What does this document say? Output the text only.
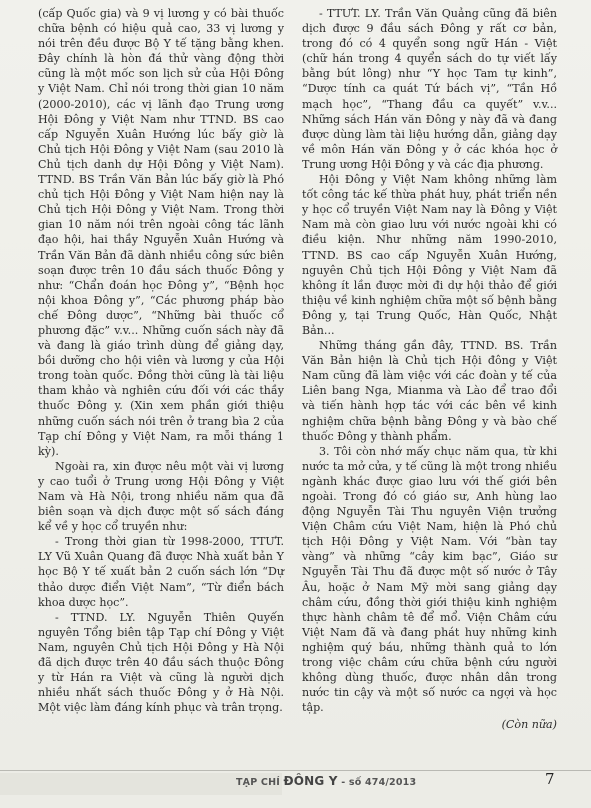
(cấp Quốc gia) và 9 vị lương y có bài thuốc chữa bệnh có hiệu quả cao, 33 vị lương y nói trên đều được Bộ Y tế tặng bằng khen. Đây chính là hòn đá thử vàng động thời cũng là một mốc son lịch sử của Hội Đông y Việt Nam. Chỉ nói trong thời gian 10 năm (2000-2010), các vị lãnh đạo Trung ương Hội Đông y Việt Nam như TTND. BS cao cấp Nguyễn Xuân Hướng lúc bấy giờ là Chủ tịch Hội Đông y Việt Nam (sau 2010 là Chủ tịch danh dự Hội Đông y Việt Nam). TTND. BS Trần Văn Bản lúc bấy giờ là Phó chủ tịch Hội Đông y Việt Nam hiện nay là Chủ tịch Hội Đông y Việt Nam. Trong thời gian 10 năm nói trên ngoài công tác lãnh đạo hội, hai thầy Nguyễn Xuân Hướng và Trần Văn Bản đã dành nhiều công sức biên soạn được trên 10 đầu sách thuốc Đông y như: “Chẩn đoán học Đông y”, “Bệnh học nội khoa Đông y”, “Các phương pháp bào chế Đông dược”, “Những bài thuốc cổ phương đặc” v.v... Những cuốn sách này đã và đang là giáo trình dùng để giảng dạy, bồi dưỡng cho hội viên và lương y của Hội trong toàn quốc. Đồng thời cũng là tài liệu tham khảo và nghiên cứu đối với các thầy thuốc Đông y. (Xin xem phần giới thiệu những cuốn sách nói trên ở trang bìa 2 của Tạp chí Đông y Việt Nam, ra mỗi tháng 1 kỳ).

Ngoài ra, xin được nêu một vài vị lương y cao tuổi ở Trung ương Hội Đông y Việt Nam và Hà Nội, trong nhiều năm qua đã biên soạn và dịch được một số sách đáng kể về y học cổ truyền như:

- Trong thời gian từ 1998-2000, TTƯT. LY Vũ Xuân Quang đã được Nhà xuất bản Y học Bộ Y tế xuất bản 2 cuốn sách lớn “Dự thảo dược điển Việt Nam”, “Từ điển bách khoa dược học”.

- TTND. LY. Nguyễn Thiên Quyến nguyên Tổng biên tập Tạp chí Đông y Việt Nam, nguyên Chủ tịch Hội Đông y Hà Nội đã dịch được trên 40 đầu sách thuộc Đông y từ Hán ra Việt và cũng là người dịch nhiều nhất sách thuốc Đông y ở Hà Nội. Một việc làm đáng kính phục và trân trọng.

- TTƯT. LY. Trần Văn Quảng cũng đã biên dịch được 9 đầu sách Đông y rất cơ bản, trong đó có 4 quyển song ngữ Hán - Việt (chữ hán trong 4 quyển sách do tự viết lấy bằng bút lông) như “Y học Tam tự kinh”, “Dược tính ca quát Tứ bách vị”, “Tần Hồ mạch học”, “Thang đầu ca quyết” v.v... Những sách Hán văn Đông y này đã và đang được dùng làm tài liệu hướng dẫn, giảng dạy về môn Hán văn Đông y ở các khóa học ở Trung ương Hội Đông y và các địa phương.

Hội Đông y Việt Nam không những làm tốt công tác kế thừa phát huy, phát triển nền y học cổ truyền Việt Nam nay là Đông y Việt Nam mà còn giao lưu với nước ngoài khi có điều kiện. Như những năm 1990-2010, TTND. BS cao cấp Nguyễn Xuân Hướng, nguyên Chủ tịch Hội Đông y Việt Nam đã không ít lần được mời đi dự hội thảo để giới thiệu về kinh nghiệm chữa một số bệnh bằng Đông y, tại Trung Quốc, Hàn Quốc, Nhật Bản...

Những tháng gần đây, TTND. BS. Trần Văn Bản hiện là Chủ tịch Hội đông y Việt Nam cũng đã làm việc với các đoàn y tế của Liên bang Nga, Mianma và Lào để trao đổi và tiến hành hợp tác với các bên về kinh nghiệm chữa bệnh bằng Đông y và bào chế thuốc Đông y thành phẩm.

3. Tôi còn nhớ mấy chục năm qua, từ khi nước ta mở cửa, y tế cũng là một trong nhiều ngành khác được giao lưu với thế giới bên ngoài. Trong đó có giáo sư, Anh hùng lao động Nguyễn Tài Thu nguyên Viện trưởng Viện Châm cứu Việt Nam, hiện là Phó chủ tịch Hội Đông y Việt Nam. Với “bàn tay vàng” và những “cây kim bạc”, Giáo sư Nguyễn Tài Thu đã được một số nước ở Tây Âu, hoặc ở Nam Mỹ mời sang giảng dạy châm cứu, đồng thời giới thiệu kinh nghiệm thực hành châm tê để mổ. Viện Châm cứu Việt Nam đã và đang phát huy những kinh nghiệm quý báu, những thành quả to lớn trong việc châm cứu chữa bệnh cứu người không dùng thuốc, được nhân dân trong nước tin cậy và một số nước ca ngợi và học tập.

(Còn nữa)

TẠP CHÍ ĐÔNG Y - số 474/2013	7
